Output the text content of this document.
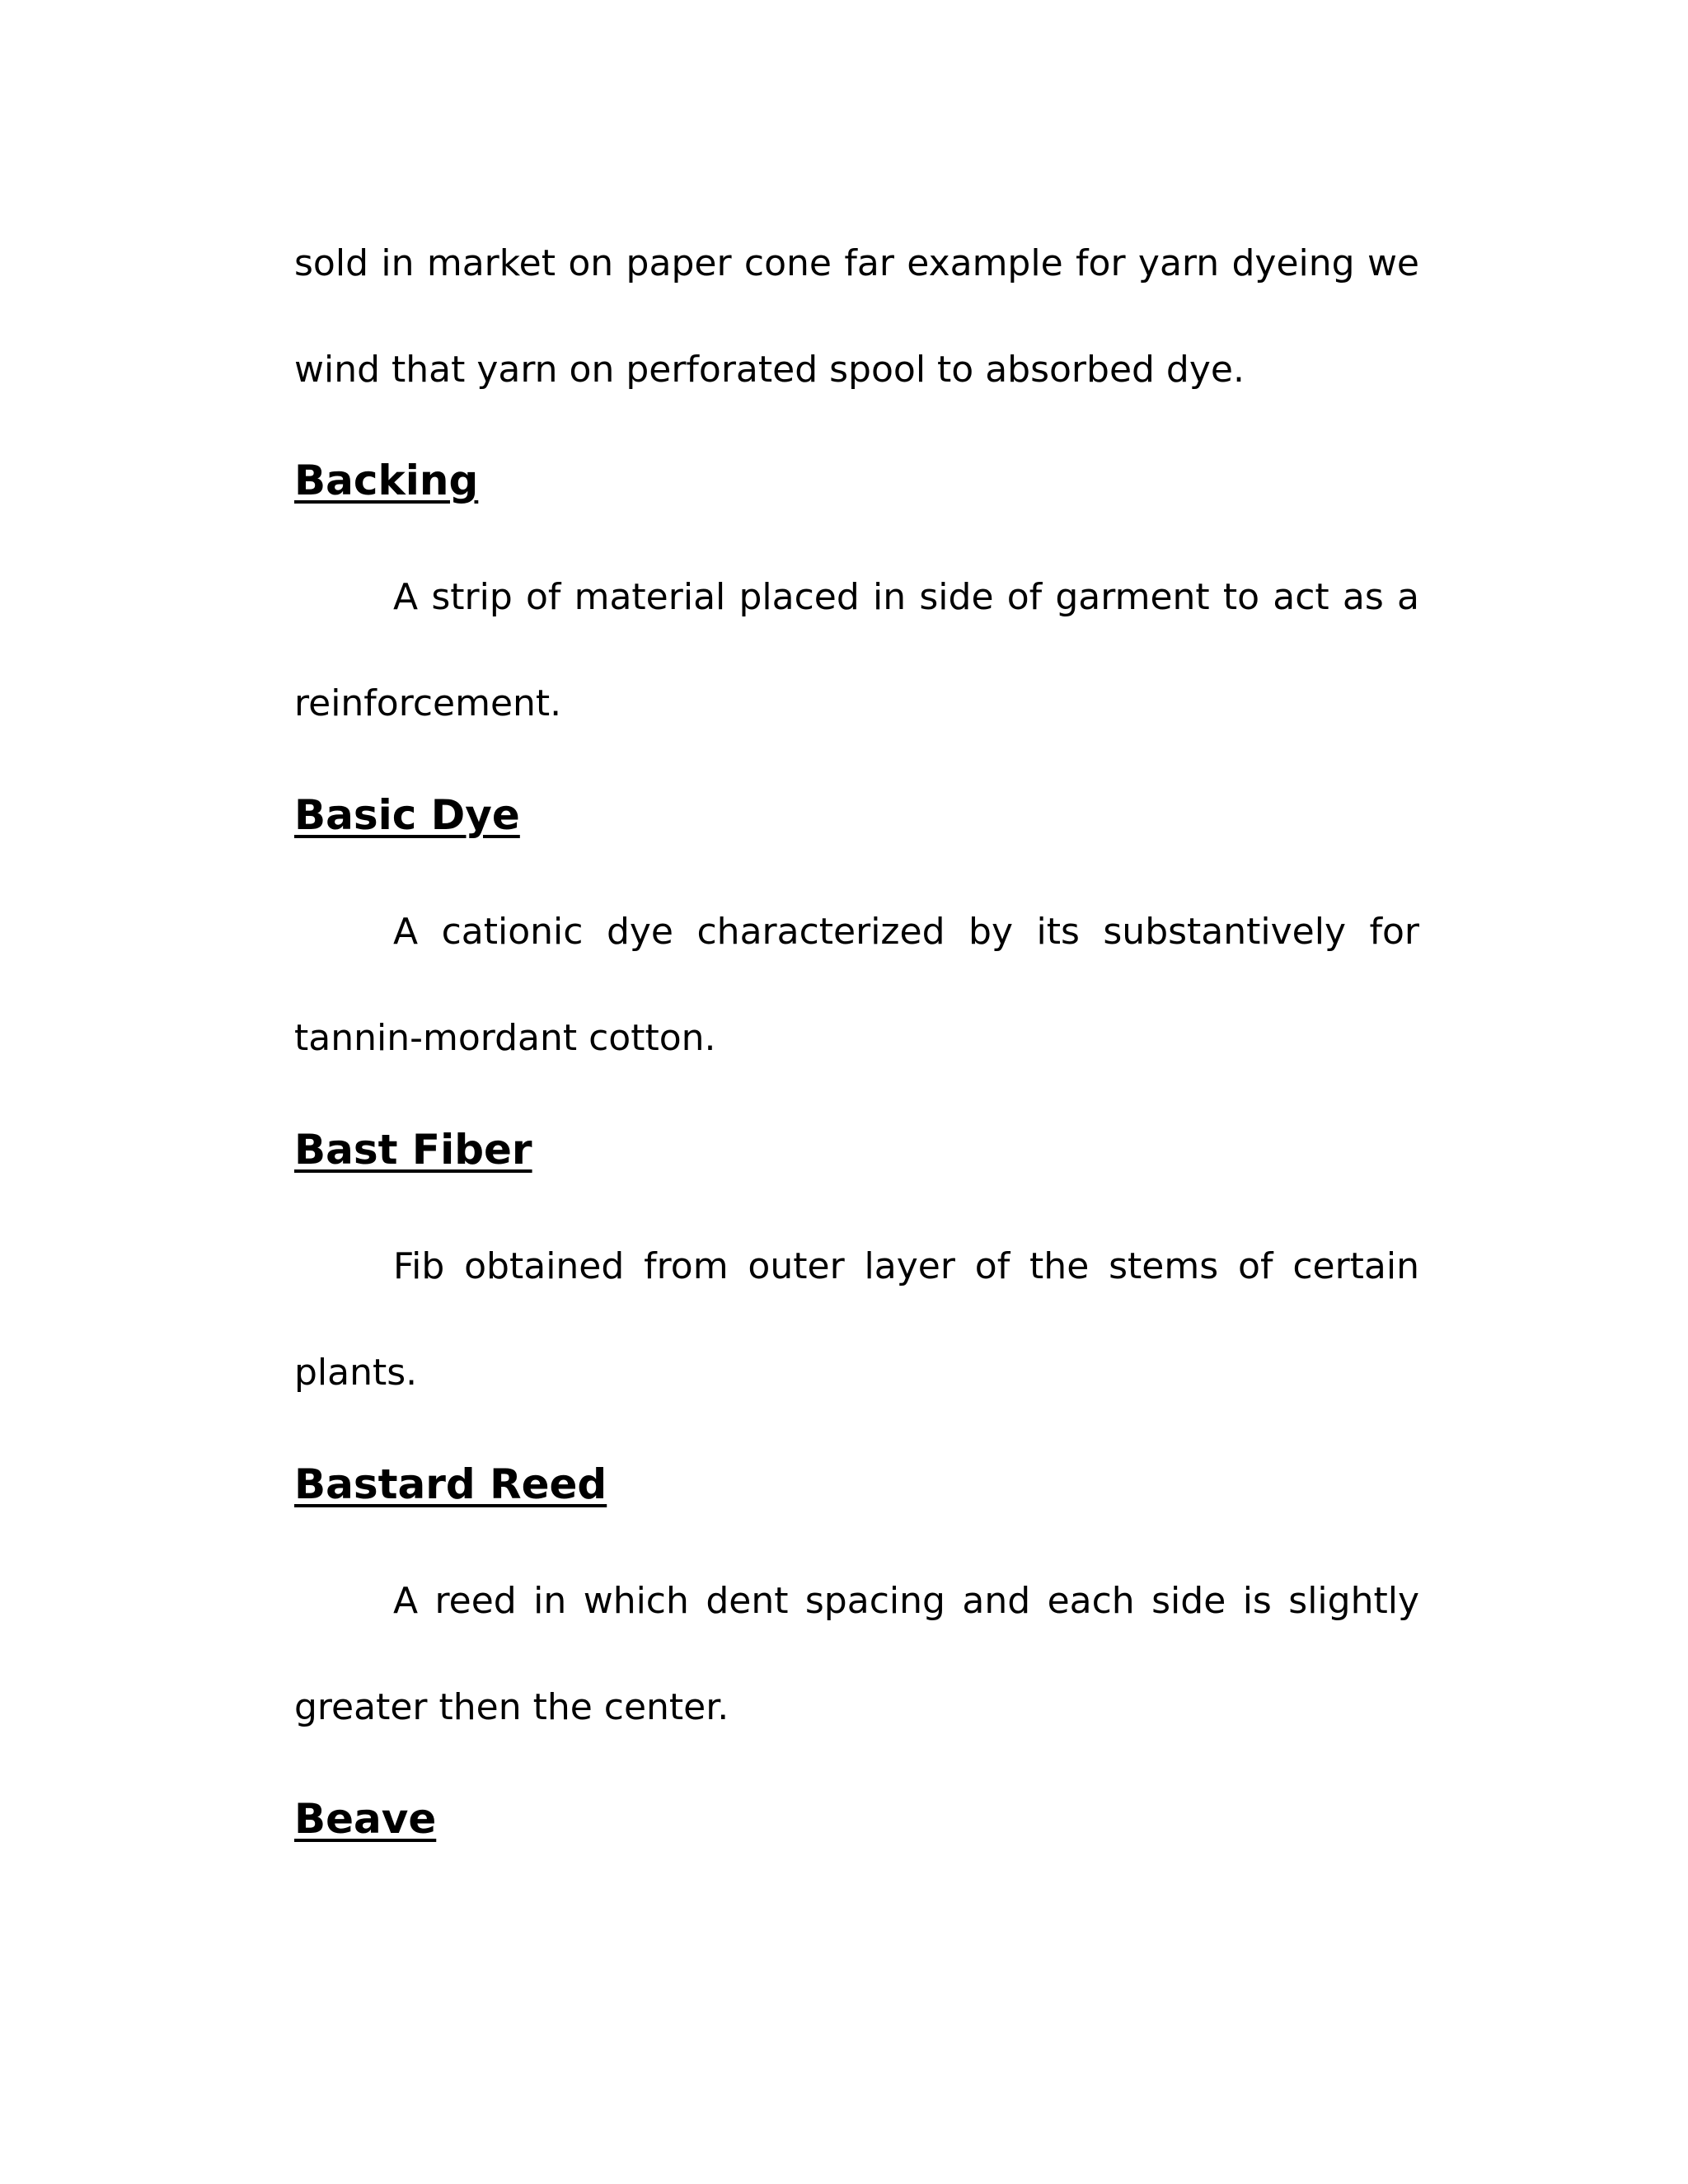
sold in market on paper cone far example for yarn dyeing we
wind that yarn on perforated spool to absorbed dye.
Backing
A strip of material placed in side of garment to act as a
reinforcement.
Basic Dye
A cationic dye characterized by its substantively for
tannin-mordant cotton.
Bast Fiber
Fib obtained from outer layer of the stems of certain
plants.
Bastard Reed
A reed in which dent spacing and each side is slightly
greater then the center.
Beave
